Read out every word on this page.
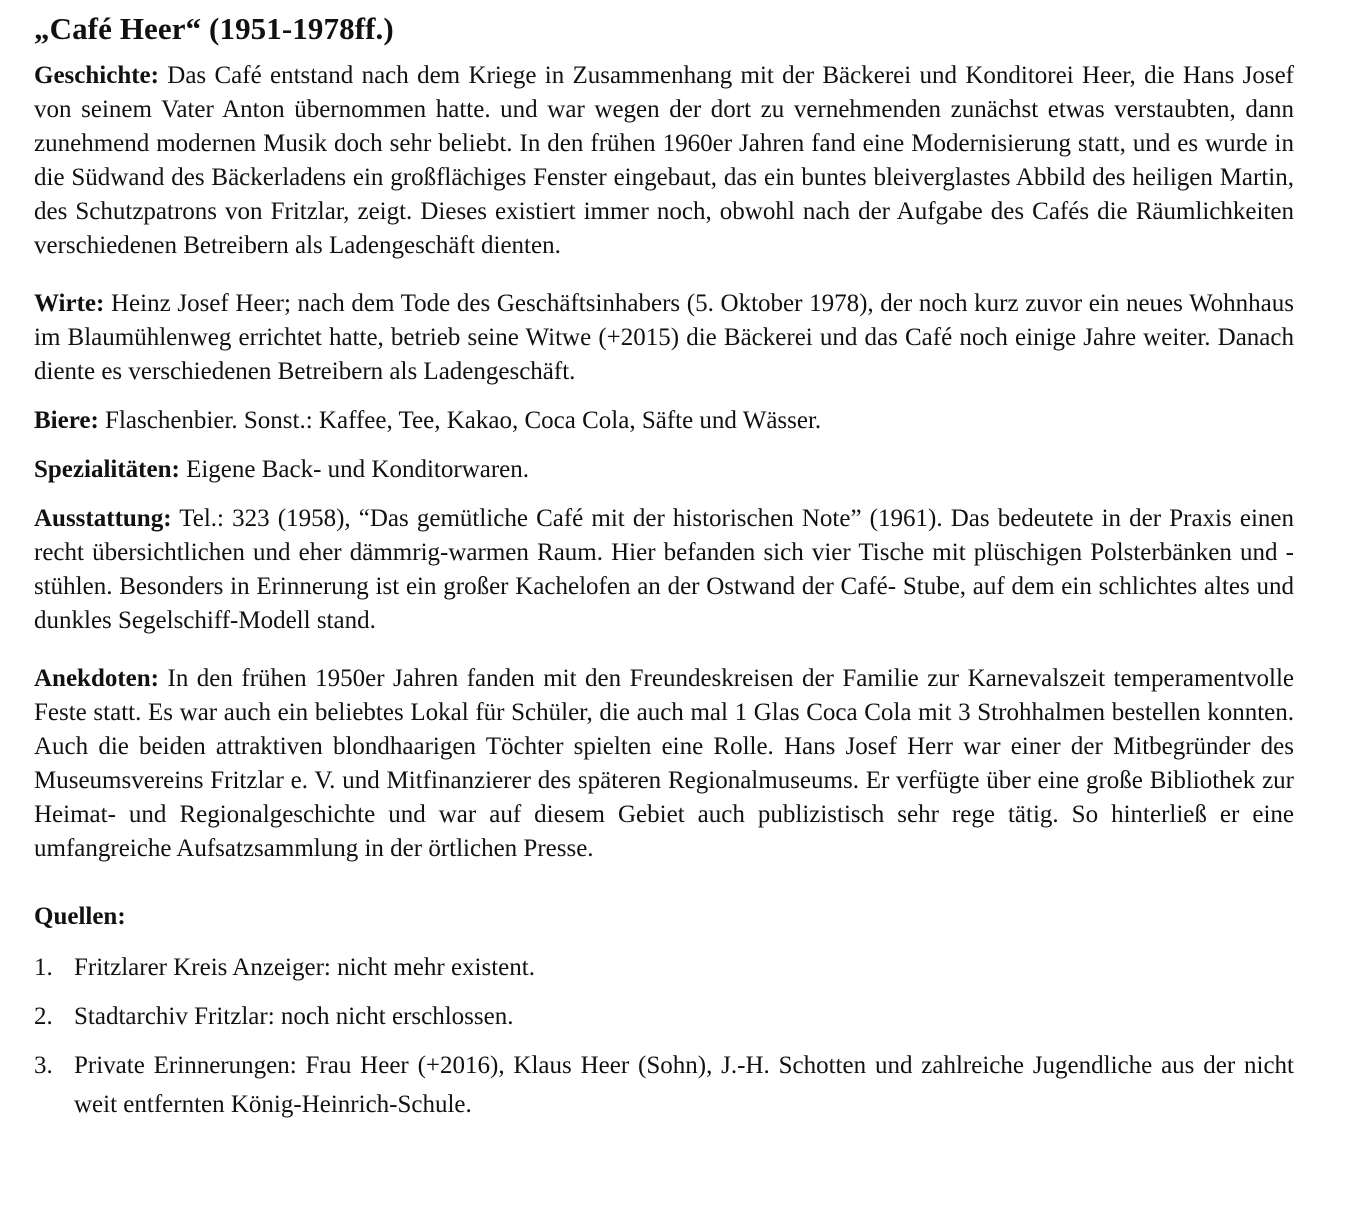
„Café Heer“ (1951-1978ff.)

Geschichte: Das Café entstand nach dem Kriege in Zusammenhang mit der Bäckerei und Konditorei Heer, die Hans Josef von seinem Vater Anton übernommen hatte. und war wegen der dort zu vernehmenden zunächst etwas verstaubten, dann zunehmend modernen Musik doch sehr beliebt. In den frühen 1960er Jahren fand eine Modernisierung statt, und es wurde in die Südwand des Bäckerladens ein großflächiges Fenster eingebaut, das ein buntes bleiverglastes Abbild des heiligen Martin, des Schutzpatrons von Fritzlar, zeigt. Dieses existiert immer noch, obwohl nach der Aufgabe des Cafés die Räumlichkeiten verschiedenen Betreibern als Ladengeschäft dienten.

Wirte: Heinz Josef Heer; nach dem Tode des Geschäftsinhabers (5. Oktober 1978), der noch kurz zuvor ein neues Wohnhaus im Blaumühlenweg errichtet hatte, betrieb seine Witwe (+2015) die Bäckerei und das Café noch einige Jahre weiter. Danach diente es verschiedenen Betreibern als Ladengeschäft.

Biere: Flaschenbier. Sonst.: Kaffee, Tee, Kakao, Coca Cola, Säfte und Wässer.

Spezialitäten: Eigene Back- und Konditorwaren.

Ausstattung: Tel.: 323 (1958), “Das gemütliche Café mit der historischen Note” (1961). Das bedeutete in der Praxis einen recht übersichtlichen und eher dämmrig-warmen Raum. Hier befanden sich vier Tische mit plüschigen Polsterbänken und -stühlen. Besonders in Erinnerung ist ein großer Kachelofen an der Ostwand der Café- Stube, auf dem ein schlichtes altes und dunkles Segelschiff-Modell stand.

Anekdoten: In den frühen 1950er Jahren fanden mit den Freundeskreisen der Familie zur Karnevalszeit temperamentvolle Feste statt. Es war auch ein beliebtes Lokal für Schüler, die auch mal 1 Glas Coca Cola mit 3 Strohhalmen bestellen konnten. Auch die beiden attraktiven blondhaarigen Töchter spielten eine Rolle. Hans Josef Herr war einer der Mitbegründer des Museumsvereins Fritzlar e. V. und Mitfinanzierer des späteren Regionalmuseums. Er verfügte über eine große Bibliothek zur Heimat- und Regionalgeschichte und war auf diesem Gebiet auch publizistisch sehr rege tätig. So hinterließ er eine umfangreiche Aufsatzsammlung in der örtlichen Presse.

Quellen:
1. Fritzlarer Kreis Anzeiger: nicht mehr existent.
2. Stadtarchiv Fritzlar: noch nicht erschlossen.
3. Private Erinnerungen: Frau Heer (+2016), Klaus Heer (Sohn), J.-H. Schotten und zahlreiche Jugendliche aus der nicht weit entfernten König-Heinrich-Schule.
